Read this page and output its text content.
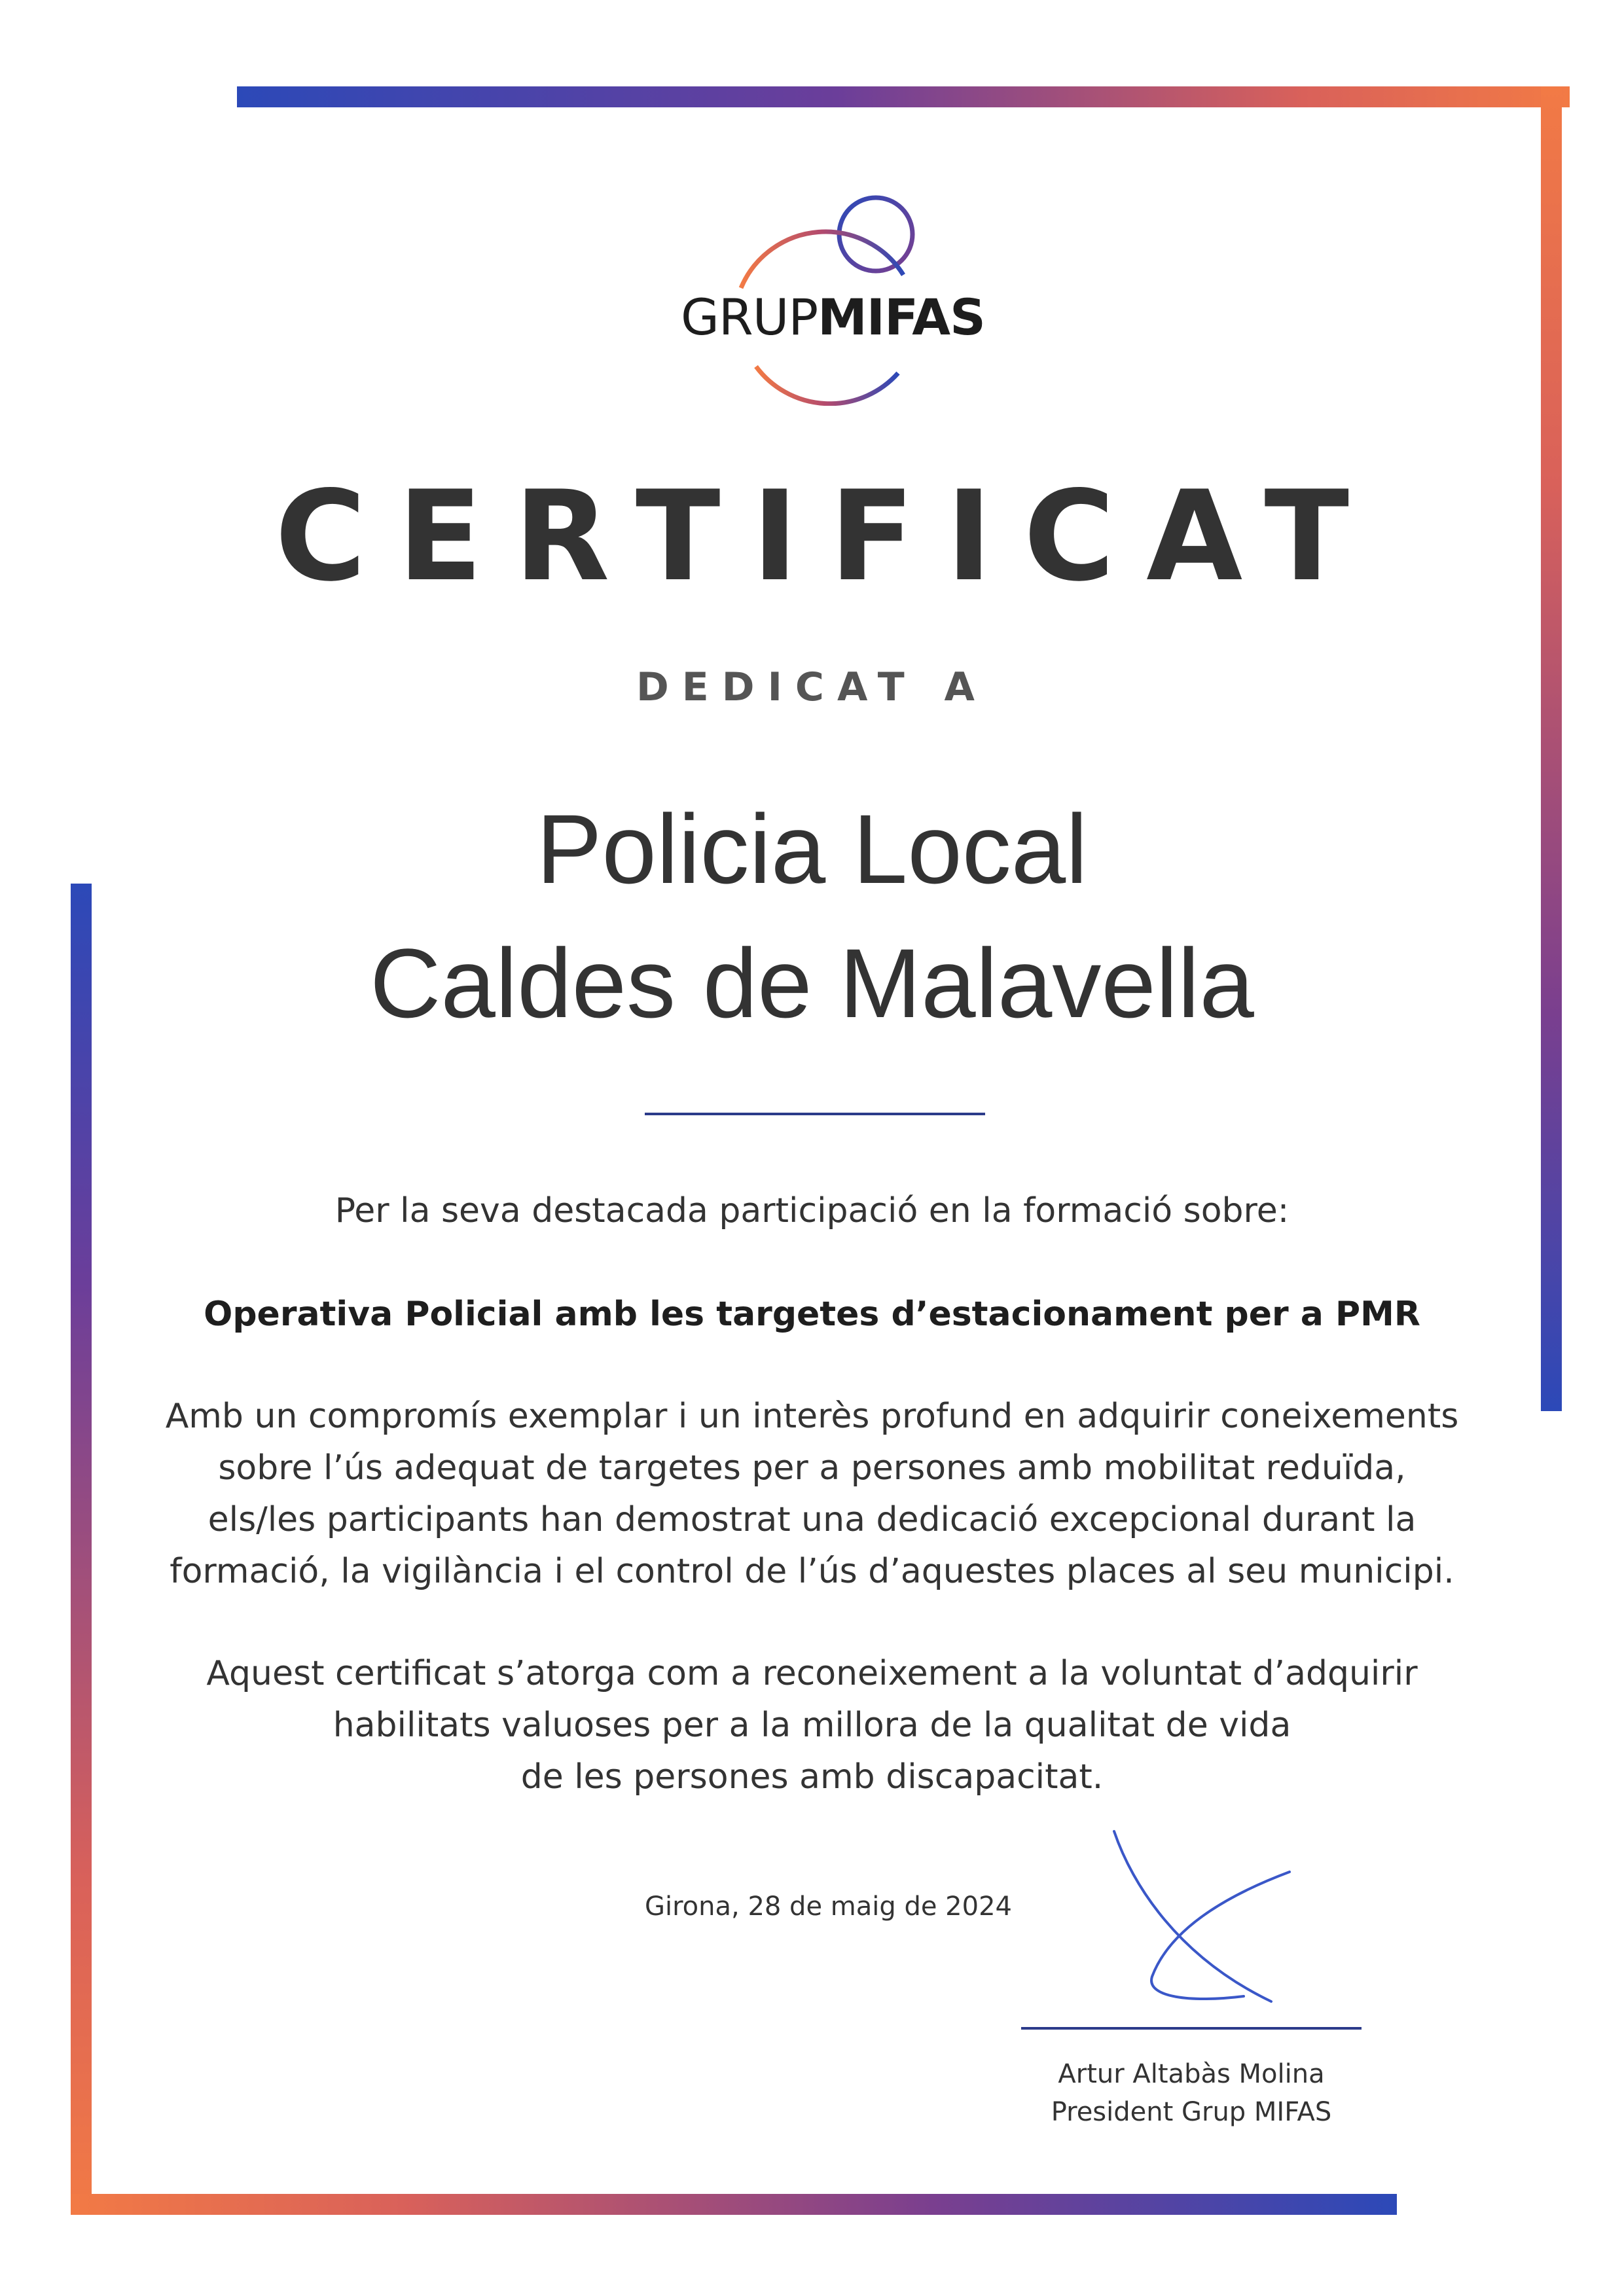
GRUPMIFAS
CERTIFICAT
DEDICAT A
Policia Local
Caldes de Malavella
Per la seva destacada participació en la formació sobre:
Operativa Policial amb les targetes d’estacionament per a PMR
Amb un compromís exemplar i un interès profund en adquirir coneixements
sobre l’ús adequat de targetes per a persones amb mobilitat reduïda,
els/les participants han demostrat una dedicació excepcional durant la
formació, la vigilància i el control de l’ús d’aquestes places al seu municipi.
Aquest certificat s’atorga com a reconeixement a la voluntat d’adquirir
habilitats valuoses per a la millora de la qualitat de vida
de les persones amb discapacitat.
Girona, 28 de maig de 2024
Artur Altabàs Molina
President Grup MIFAS
